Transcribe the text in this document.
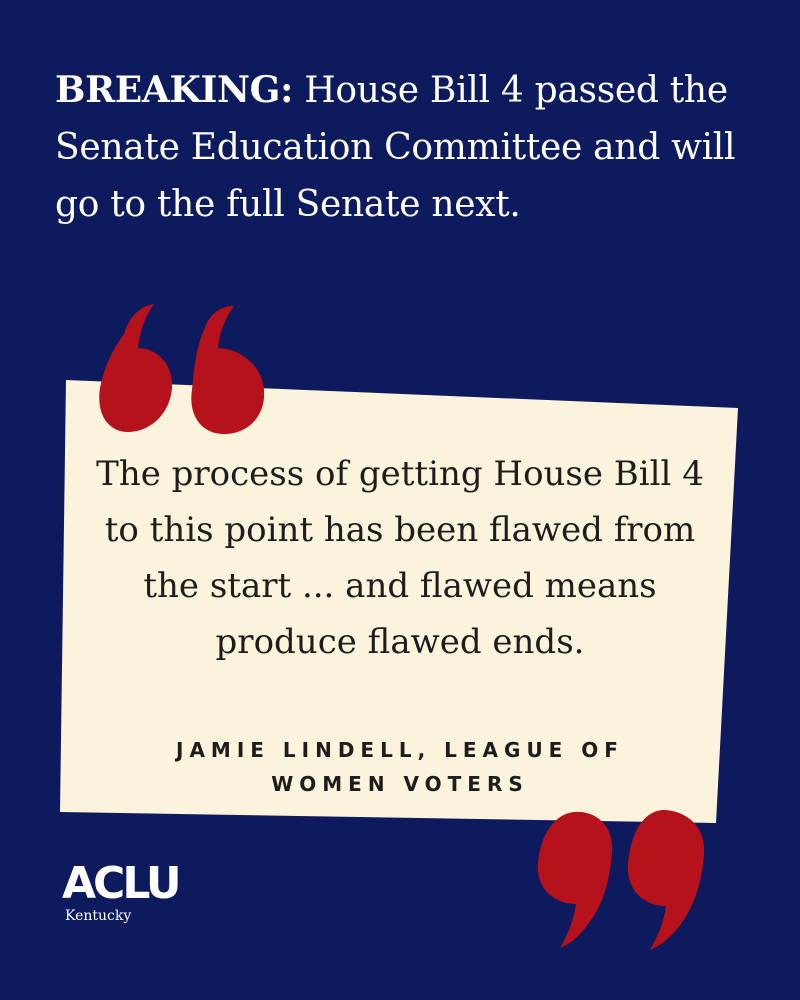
BREAKING: House Bill 4 passed the Senate Education Committee and will go to the full Senate next.

The process of getting House Bill 4 to this point has been flawed from the start ... and flawed means produce flawed ends.

JAMIE LINDELL, LEAGUE OF WOMEN VOTERS

ACLU
Kentucky
